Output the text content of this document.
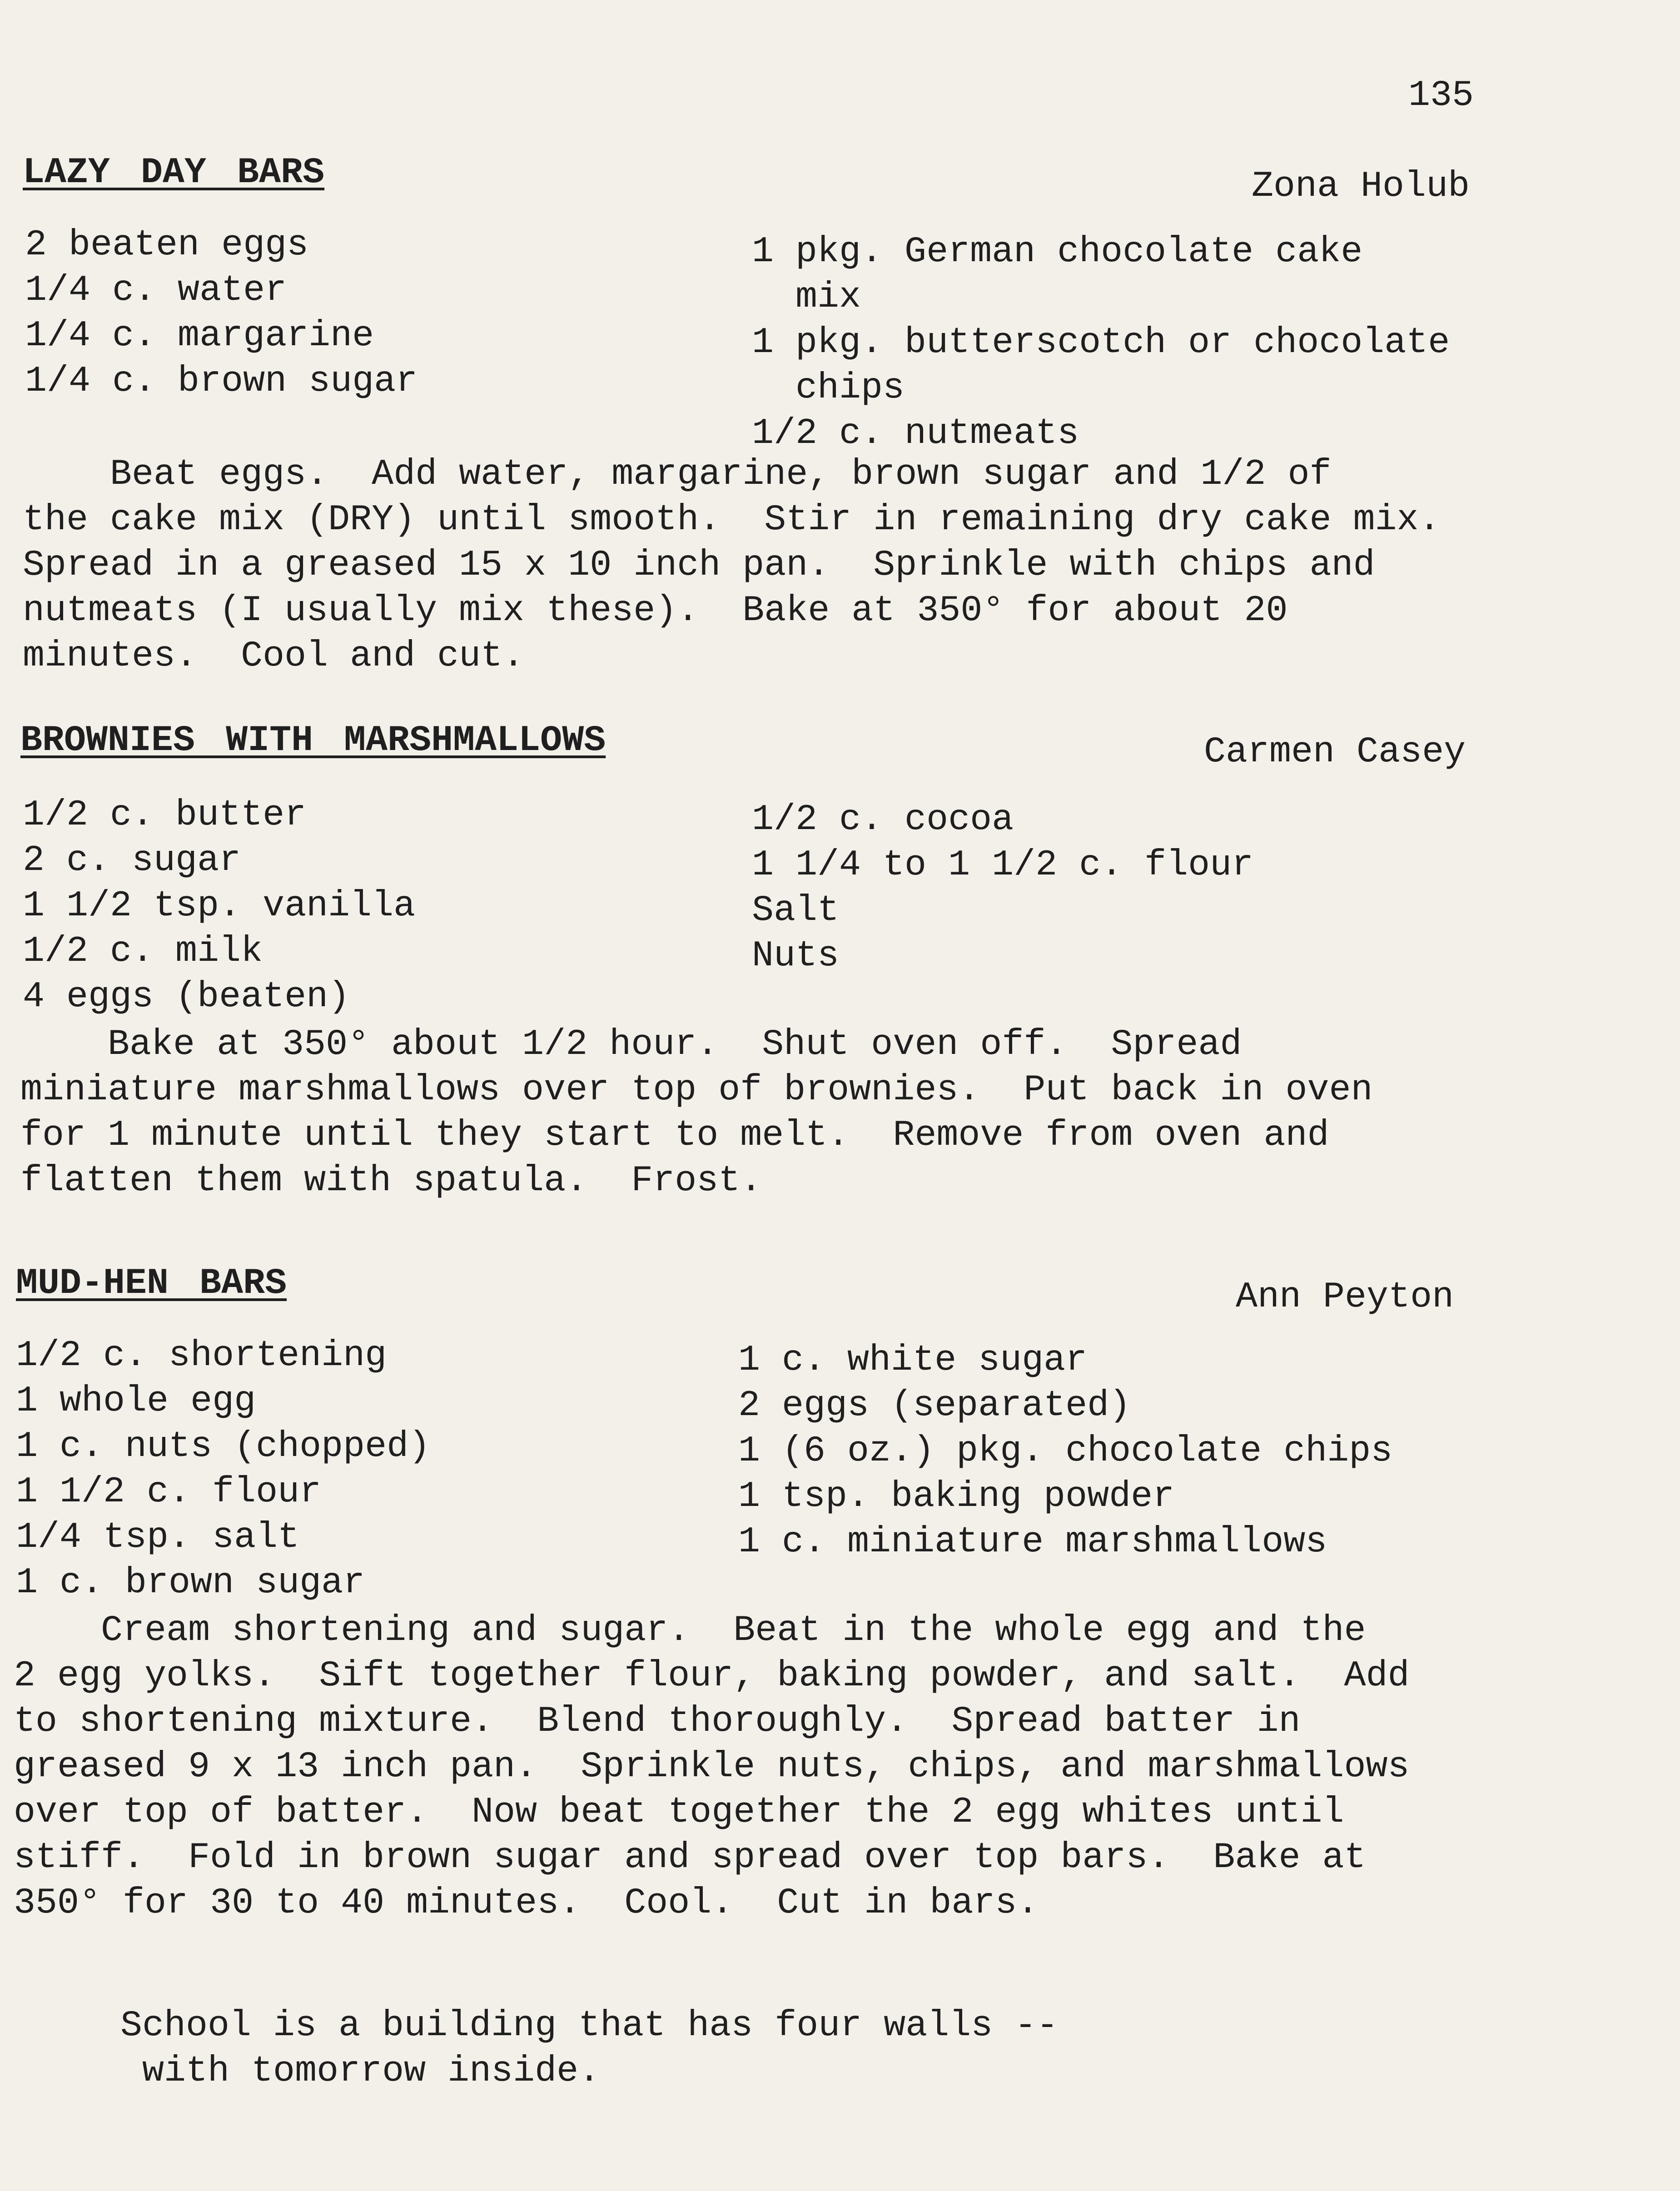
135
LAZY DAY BARS	Zona Holub
2 beaten eggs
1/4 c. water
1/4 c. margarine
1/4 c. brown sugar
1 pkg. German chocolate cake
mix
1 pkg. butterscotch or chocolate
chips
1/2 c. nutmeats
Beat eggs.  Add water, margarine, brown sugar and 1/2 of
the cake mix (DRY) until smooth.  Stir in remaining dry cake mix.
Spread in a greased 15 x 10 inch pan.  Sprinkle with chips and
nutmeats (I usually mix these).  Bake at 350° for about 20
minutes.  Cool and cut.
BROWNIES WITH MARSHMALLOWS	Carmen Casey
1/2 c. butter
2 c. sugar
1 1/2 tsp. vanilla
1/2 c. milk
4 eggs (beaten)
1/2 c. cocoa
1 1/4 to 1 1/2 c. flour
Salt
Nuts
Bake at 350° about 1/2 hour.  Shut oven off.  Spread
miniature marshmallows over top of brownies.  Put back in oven
for 1 minute until they start to melt.  Remove from oven and
flatten them with spatula.  Frost.
MUD-HEN BARS	Ann Peyton
1/2 c. shortening
1 whole egg
1 c. nuts (chopped)
1 1/2 c. flour
1/4 tsp. salt
1 c. brown sugar
1 c. white sugar
2 eggs (separated)
1 (6 oz.) pkg. chocolate chips
1 tsp. baking powder
1 c. miniature marshmallows
Cream shortening and sugar.  Beat in the whole egg and the
2 egg yolks.  Sift together flour, baking powder, and salt.  Add
to shortening mixture.  Blend thoroughly.  Spread batter in
greased 9 x 13 inch pan.  Sprinkle nuts, chips, and marshmallows
over top of batter.  Now beat together the 2 egg whites until
stiff.  Fold in brown sugar and spread over top bars.  Bake at
350° for 30 to 40 minutes.  Cool.  Cut in bars.
School is a building that has four walls --
with tomorrow inside.
